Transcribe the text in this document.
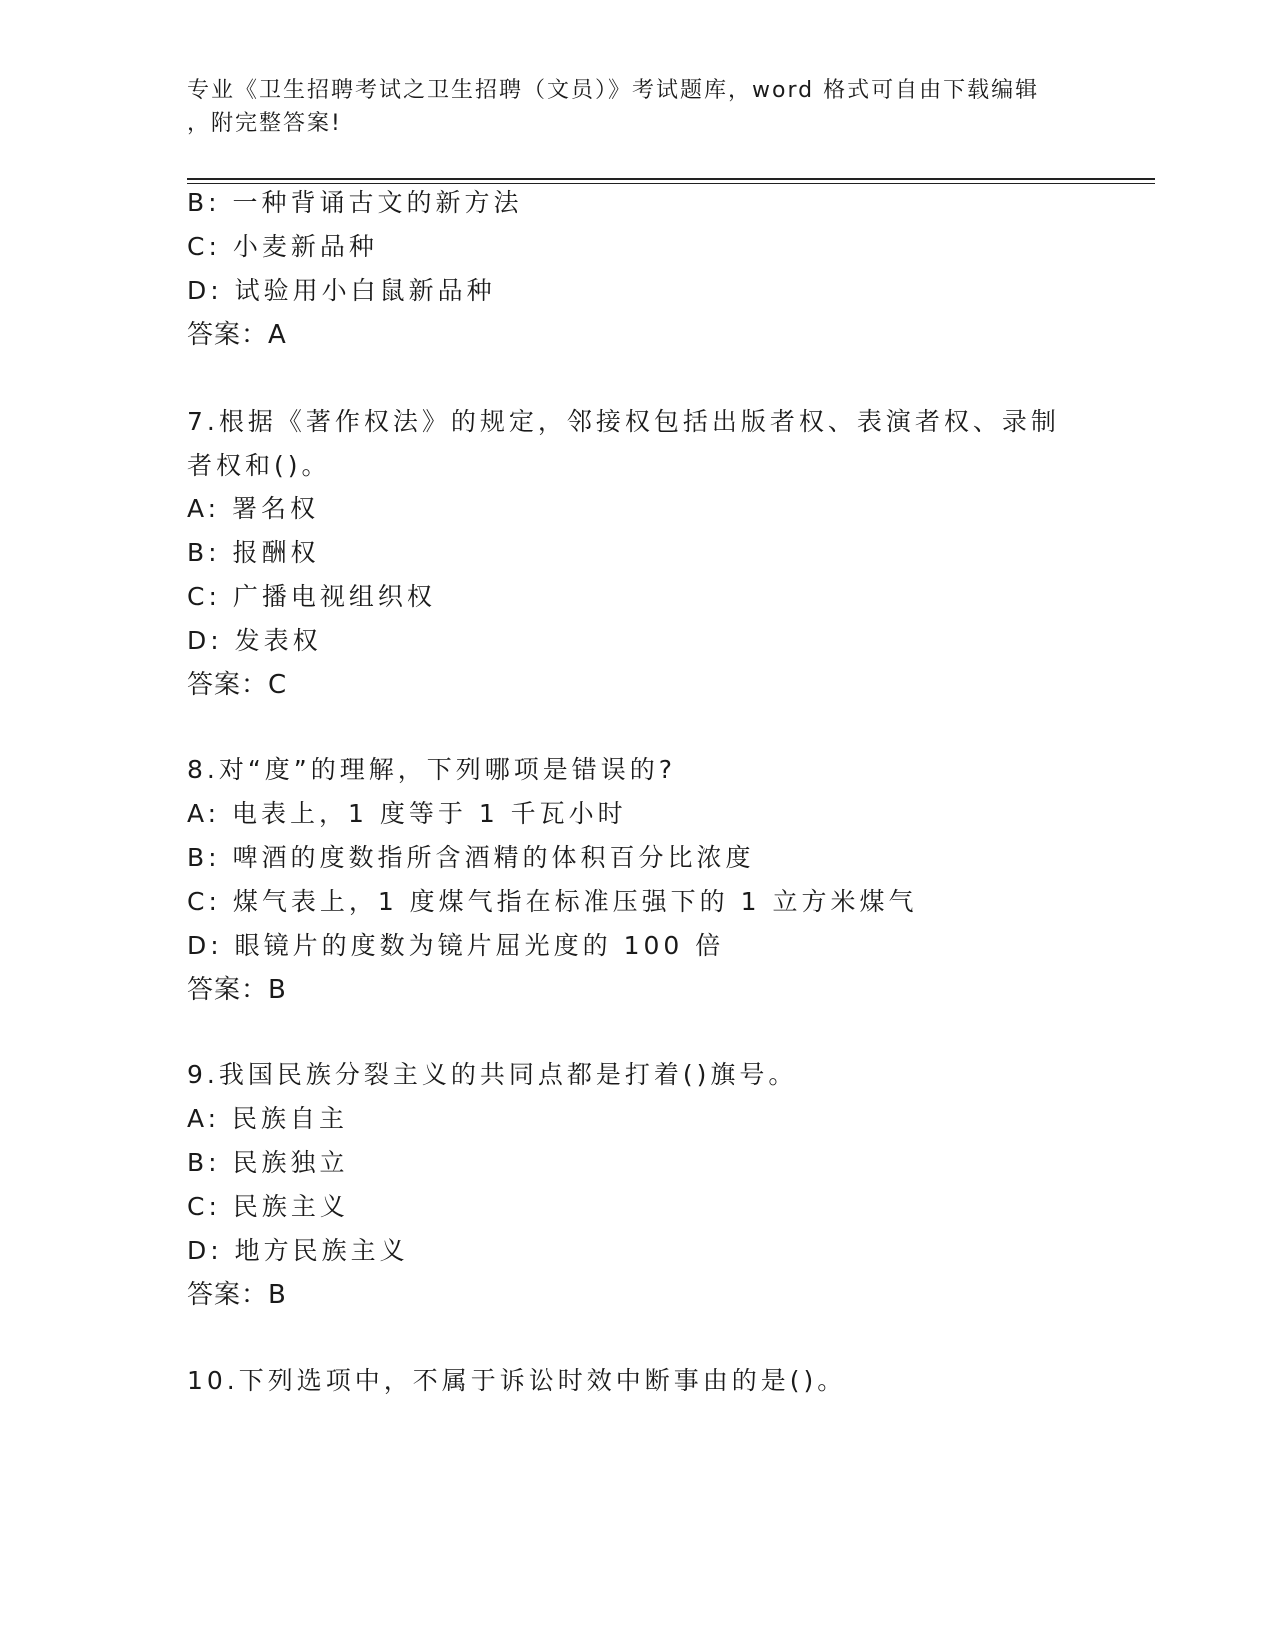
专业《卫生招聘考试之卫生招聘（文员）》考试题库，word 格式可自由下载编辑
，附完整答案!
B: 一种背诵古文的新方法
C: 小麦新品种
D: 试验用小白鼠新品种
答案：A
7.根据《著作权法》的规定，邻接权包括出版者权、表演者权、录制
者权和()。
A: 署名权
B: 报酬权
C: 广播电视组织权
D: 发表权
答案：C
8.对“度”的理解，下列哪项是错误的?
A: 电表上，1 度等于 1 千瓦小时
B: 啤酒的度数指所含酒精的体积百分比浓度
C: 煤气表上，1 度煤气指在标准压强下的 1 立方米煤气
D: 眼镜片的度数为镜片屈光度的 100 倍
答案：B
9.我国民族分裂主义的共同点都是打着()旗号。
A: 民族自主
B: 民族独立
C: 民族主义
D: 地方民族主义
答案：B
10.下列选项中，不属于诉讼时效中断事由的是()。
